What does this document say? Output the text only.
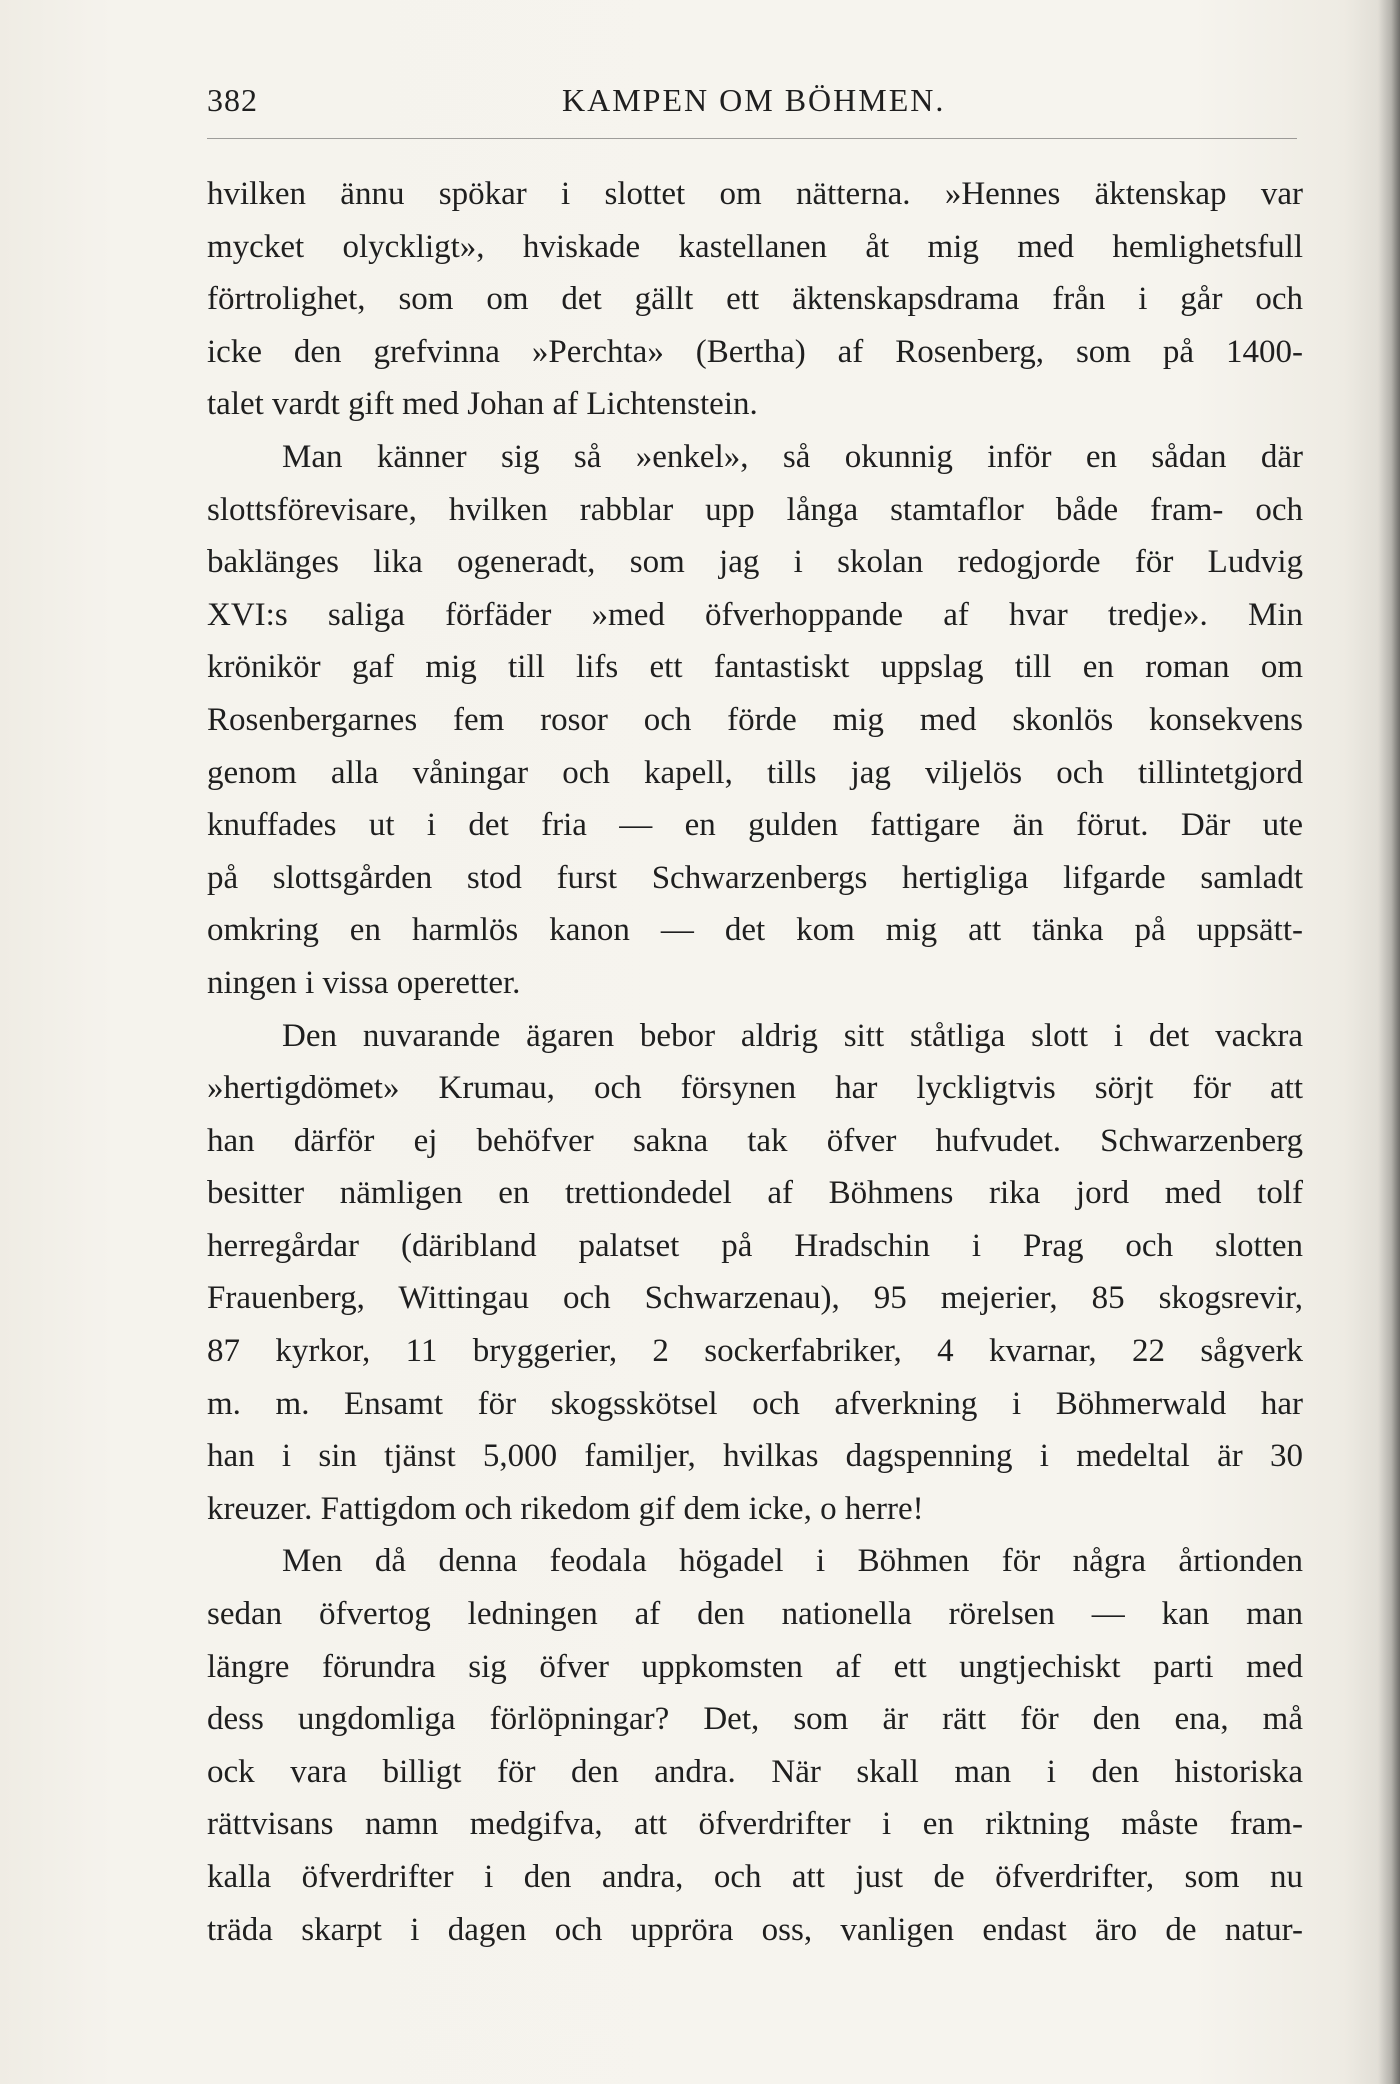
382	KAMPEN OM BÖHMEN.
hvilken ännu spökar i slottet om nätterna. »Hennes äktenskap var
mycket olyckligt», hviskade kastellanen åt mig med hemlighetsfull
förtrolighet, som om det gällt ett äktenskapsdrama från i går och
icke den grefvinna »Perchta» (Bertha) af Rosenberg, som på 1400-
talet vardt gift med Johan af Lichtenstein.
Man känner sig så »enkel», så okunnig inför en sådan där
slottsförevisare, hvilken rabblar upp långa stamtaflor både fram- och
baklänges lika ogeneradt, som jag i skolan redogjorde för Ludvig
XVI:s saliga förfäder »med öfverhoppande af hvar tredje». Min
krönikör gaf mig till lifs ett fantastiskt uppslag till en roman om
Rosenbergarnes fem rosor och förde mig med skonlös konsekvens
genom alla våningar och kapell, tills jag viljelös och tillintetgjord
knuffades ut i det fria — en gulden fattigare än förut. Där ute
på slottsgården stod furst Schwarzenbergs hertigliga lifgarde samladt
omkring en harmlös kanon — det kom mig att tänka på uppsätt-
ningen i vissa operetter.
Den nuvarande ägaren bebor aldrig sitt ståtliga slott i det vackra
»hertigdömet» Krumau, och försynen har lyckligtvis sörjt för att
han därför ej behöfver sakna tak öfver hufvudet. Schwarzenberg
besitter nämligen en trettiondedel af Böhmens rika jord med tolf
herregårdar (däribland palatset på Hradschin i Prag och slotten
Frauenberg, Wittingau och Schwarzenau), 95 mejerier, 85 skogsrevir,
87 kyrkor, 11 bryggerier, 2 sockerfabriker, 4 kvarnar, 22 sågverk
m. m. Ensamt för skogsskötsel och afverkning i Böhmerwald har
han i sin tjänst 5,000 familjer, hvilkas dagspenning i medeltal är 30
kreuzer. Fattigdom och rikedom gif dem icke, o herre!
Men då denna feodala högadel i Böhmen för några årtionden
sedan öfvertog ledningen af den nationella rörelsen — kan man
längre förundra sig öfver uppkomsten af ett ungtjechiskt parti med
dess ungdomliga förlöpningar? Det, som är rätt för den ena, må
ock vara billigt för den andra. När skall man i den historiska
rättvisans namn medgifva, att öfverdrifter i en riktning måste fram-
kalla öfverdrifter i den andra, och att just de öfverdrifter, som nu
träda skarpt i dagen och uppröra oss, vanligen endast äro de natur-
